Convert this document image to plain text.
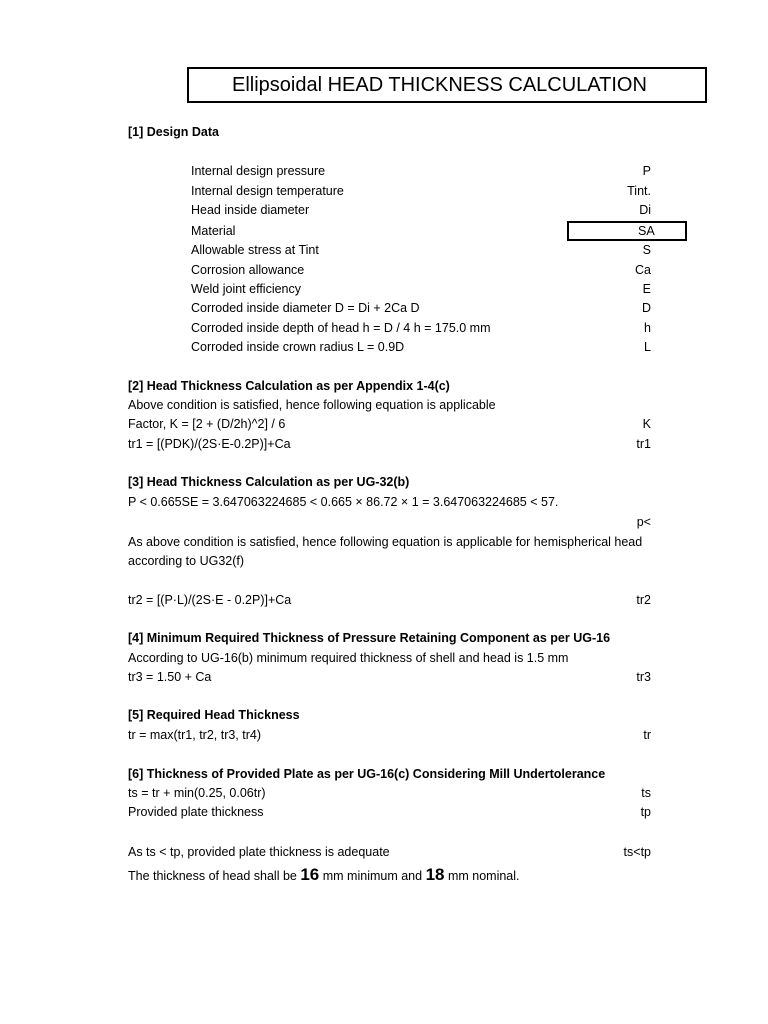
Ellipsoidal HEAD THICKNESS CALCULATION
[1] Design Data
Internal design pressure	P
Internal design temperature	Tint.
Head inside diameter	Di
Material	SA
Allowable stress at Tint	S
Corrosion allowance	Ca
Weld joint efficiency	E
Corroded inside diameter D = Di + 2Ca D	D
Corroded inside depth of head h = D / 4 h = 175.0 mm	h
Corroded inside crown radius L = 0.9D	L
[2] Head Thickness Calculation as per Appendix 1-4(c)
Above condition is satisfied, hence following equation is applicable
Factor, K = [2 + (D/2h)^2] / 6	K
tr1 = [(PDK)/(2S·E-0.2P)]+Ca	tr1
[3] Head Thickness Calculation as per UG-32(b)
P < 0.665SE = 3.647063224685 < 0.665 × 86.72 × 1 = 3.647063224685 < 57.
p<
As above condition is satisfied, hence following equation is applicable for hemispherical head
according to UG32(f)
tr2 = [(P·L)/(2S·E - 0.2P)]+Ca	tr2
[4] Minimum Required Thickness of Pressure Retaining Component as per UG-16
According to UG-16(b) minimum required thickness of shell and head is 1.5 mm
tr3 = 1.50 + Ca	tr3
[5] Required Head Thickness
tr = max(tr1, tr2, tr3, tr4)	tr
[6] Thickness of Provided Plate as per UG-16(c) Considering Mill Undertolerance
ts = tr + min(0.25, 0.06tr)	ts
Provided plate thickness	tp
As ts < tp, provided plate thickness is adequate	ts<tp
The thickness of head shall be 16 mm minimum and 18 mm nominal.
